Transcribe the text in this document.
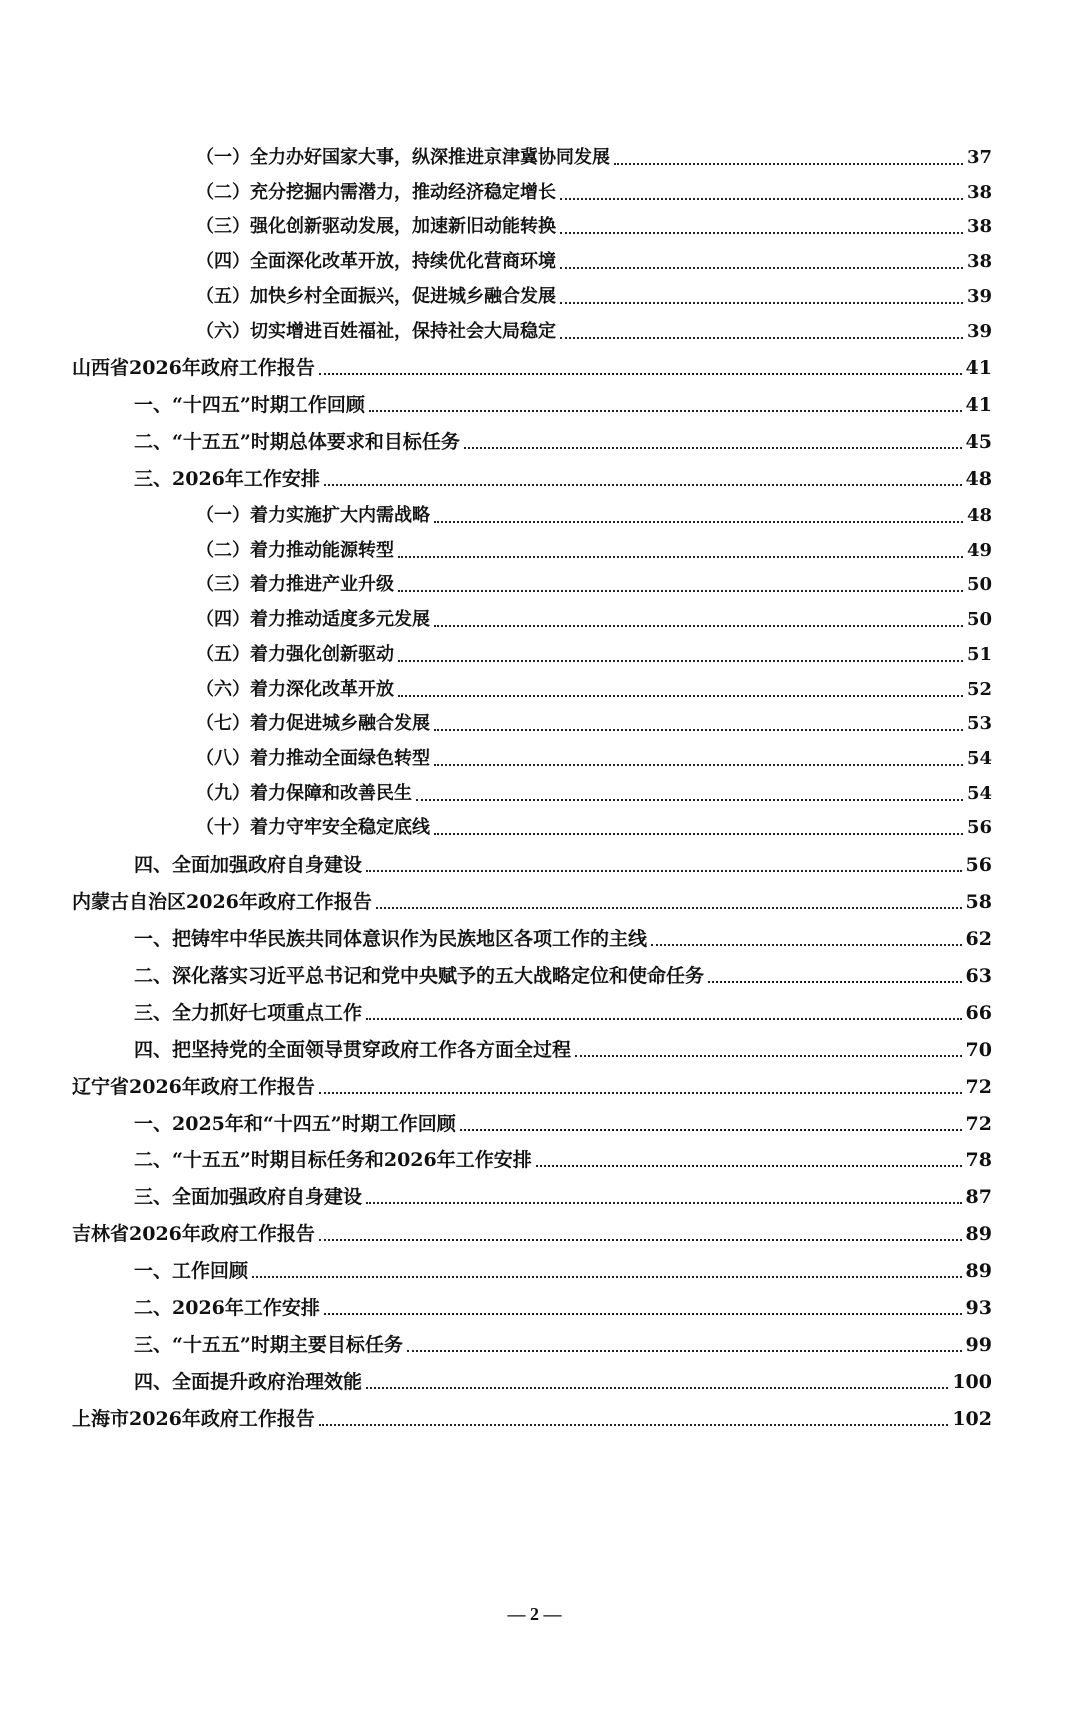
（一）全力办好国家大事，纵深推进京津冀协同发展	37
（二）充分挖掘内需潜力，推动经济稳定增长	38
（三）强化创新驱动发展，加速新旧动能转换	38
（四）全面深化改革开放，持续优化营商环境	38
（五）加快乡村全面振兴，促进城乡融合发展	39
（六）切实增进百姓福祉，保持社会大局稳定	39
山西省2026年政府工作报告	41
一、“十四五”时期工作回顾	41
二、“十五五”时期总体要求和目标任务	45
三、2026年工作安排	48
（一）着力实施扩大内需战略	48
（二）着力推动能源转型	49
（三）着力推进产业升级	50
（四）着力推动适度多元发展	50
（五）着力强化创新驱动	51
（六）着力深化改革开放	52
（七）着力促进城乡融合发展	53
（八）着力推动全面绿色转型	54
（九）着力保障和改善民生	54
（十）着力守牢安全稳定底线	56
四、全面加强政府自身建设	56
内蒙古自治区2026年政府工作报告	58
一、把铸牢中华民族共同体意识作为民族地区各项工作的主线	62
二、深化落实习近平总书记和党中央赋予的五大战略定位和使命任务	63
三、全力抓好七项重点工作	66
四、把坚持党的全面领导贯穿政府工作各方面全过程	70
辽宁省2026年政府工作报告	72
一、2025年和“十四五”时期工作回顾	72
二、“十五五”时期目标任务和2026年工作安排	78
三、全面加强政府自身建设	87
吉林省2026年政府工作报告	89
一、工作回顾	89
二、2026年工作安排	93
三、“十五五”时期主要目标任务	99
四、全面提升政府治理效能	100
上海市2026年政府工作报告	102
— 2 —
